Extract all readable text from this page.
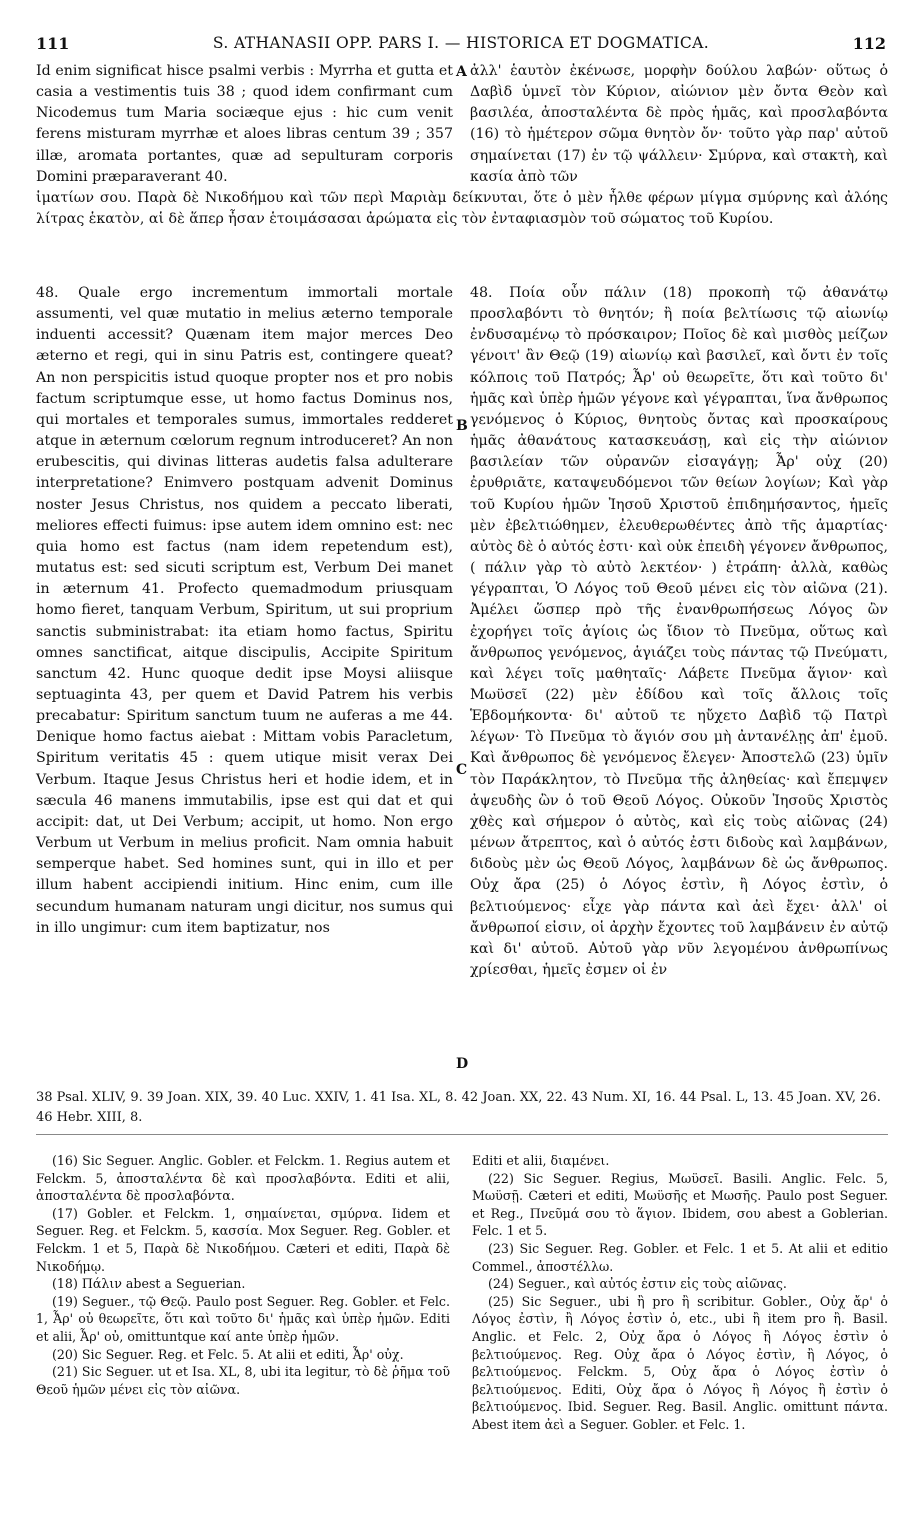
111	S. ATHANASII OPP. PARS I. — HISTORICA ET DOGMATICA.	112
Id enim significat hisce psalmi verbis : Myrrha et gutta et casia a vestimentis tuis 38 ; quod idem confirmant cum Nicodemus tum Maria sociæque ejus : hic cum venit ferens misturam myrrhæ et aloes libras centum 39 ; 357 illæ, aromata portantes, quæ ad sepulturam corporis Domini præparaverant 40.
ἀλλ' ἑαυτὸν ἐκένωσε, μορφὴν δούλου λαβών· οὕτως ὁ Δαβὶδ ὑμνεῖ τὸν Κύριον, αἰώνιον μὲν ὄντα Θεὸν καὶ βασιλέα, ἀποσταλέντα δὲ πρὸς ἡμᾶς, καὶ προσλαβόντα (16) τὸ ἡμέτερον σῶμα θνητὸν ὄν· τοῦτο γὰρ παρ' αὐτοῦ σημαίνεται (17) ἐν τῷ ψάλλειν· Σμύρνα, καὶ στακτὴ, καὶ κασία ἀπὸ τῶν
ἱματίων σου. Παρὰ δὲ Νικοδήμου καὶ τῶν περὶ Μαριὰμ δείκνυται, ὅτε ὁ μὲν ἦλθε φέρων μίγμα σμύρνης καὶ ἀλόης λίτρας ἑκατὸν, αἱ δὲ ἅπερ ἦσαν ἑτοιμάσασαι ἀρώματα εἰς τὸν ἐνταφιασμὸν τοῦ σώματος τοῦ Κυρίου.
48. Quale ergo incrementum immortali mortale assumenti, vel quæ mutatio in melius æterno temporale induenti accessit? Quænam item major merces Deo æterno et regi, qui in sinu Patris est, contingere queat? An non perspicitis istud quoque propter nos et pro nobis factum scriptumque esse, ut homo factus Dominus nos, qui mortales et temporales sumus, immortales redderet atque in æternum cœlorum regnum introduceret? An non erubescitis, qui divinas litteras audetis falsa adulterare interpretatione? Enimvero postquam advenit Dominus noster Jesus Christus, nos quidem a peccato liberati, meliores effecti fuimus: ipse autem idem omnino est: nec quia homo est factus (nam idem repetendum est), mutatus est: sed sicuti scriptum est, Verbum Dei manet in æternum 41. Profecto quemadmodum priusquam homo fieret, tanquam Verbum, Spiritum, ut sui proprium sanctis subministrabat: ita etiam homo factus, Spiritu omnes sanctificat, aitque discipulis, Accipite Spiritum sanctum 42. Hunc quoque dedit ipse Moysi aliisque septuaginta 43, per quem et David Patrem his verbis precabatur: Spiritum sanctum tuum ne auferas a me 44. Denique homo factus aiebat : Mittam vobis Paracletum, Spiritum veritatis 45 : quem utique misit verax Dei Verbum. Itaque Jesus Christus heri et hodie idem, et in sæcula 46 manens immutabilis, ipse est qui dat et qui accipit: dat, ut Dei Verbum; accipit, ut homo. Non ergo Verbum ut Verbum in melius proficit. Nam omnia habuit semperque habet. Sed homines sunt, qui in illo et per illum habent accipiendi initium. Hinc enim, cum ille secundum humanam naturam ungi dicitur, nos sumus qui in illo ungimur: cum item baptizatur, nos
48. Ποία οὖν πάλιν (18) προκοπὴ τῷ ἀθανάτῳ προσλαβόντι τὸ θνητόν; ἢ ποία βελτίωσις τῷ αἰωνίῳ ἐνδυσαμένῳ τὸ πρόσκαιρον; Ποῖος δὲ καὶ μισθὸς μείζων γένοιτ' ἂν Θεῷ (19) αἰωνίῳ καὶ βασιλεῖ, καὶ ὄντι ἐν τοῖς κόλποις τοῦ Πατρός; Ἆρ' οὐ θεωρεῖτε, ὅτι καὶ τοῦτο δι' ἡμᾶς καὶ ὑπὲρ ἡμῶν γέγονε καὶ γέγραπται, ἵνα ἄνθρωπος γενόμενος ὁ Κύριος, θνητοὺς ὄντας καὶ προσκαίρους ἡμᾶς ἀθανάτους κατασκευάσῃ, καὶ εἰς τὴν αἰώνιον βασιλείαν τῶν οὐρανῶν εἰσαγάγῃ; Ἆρ' οὐχ (20) ἐρυθριᾶτε, καταψευδόμενοι τῶν θείων λογίων; Καὶ γὰρ τοῦ Κυρίου ἡμῶν Ἰησοῦ Χριστοῦ ἐπιδημήσαντος, ἡμεῖς μὲν ἐβελτιώθημεν, ἐλευθερωθέντες ἀπὸ τῆς ἁμαρτίας· αὐτὸς δὲ ὁ αὐτός ἐστι· καὶ οὐκ ἐπειδὴ γέγονεν ἄνθρωπος, ( πάλιν γὰρ τὸ αὐτὸ λεκτέον· ) ἐτράπη· ἀλλὰ, καθὼς γέγραπται, Ὁ Λόγος τοῦ Θεοῦ μένει εἰς τὸν αἰῶνα (21). Ἀμέλει ὥσπερ πρὸ τῆς ἐνανθρωπήσεως Λόγος ὢν ἐχορήγει τοῖς ἁγίοις ὡς ἴδιον τὸ Πνεῦμα, οὕτως καὶ ἄνθρωπος γενόμενος, ἁγιάζει τοὺς πάντας τῷ Πνεύματι, καὶ λέγει τοῖς μαθηταῖς· Λάβετε Πνεῦμα ἅγιον· καὶ Μωϋσεῖ (22) μὲν ἐδίδου καὶ τοῖς ἄλλοις τοῖς Ἑβδομήκοντα· δι' αὐτοῦ τε ηὔχετο Δαβὶδ τῷ Πατρὶ λέγων· Τὸ Πνεῦμα τὸ ἅγιόν σου μὴ ἀντανέλῃς ἀπ' ἐμοῦ. Καὶ ἄνθρωπος δὲ γενόμενος ἔλεγεν· Ἀποστελῶ (23) ὑμῖν τὸν Παράκλητον, τὸ Πνεῦμα τῆς ἀληθείας· καὶ ἔπεμψεν ἀψευδὴς ὢν ὁ τοῦ Θεοῦ Λόγος. Οὐκοῦν Ἰησοῦς Χριστὸς χθὲς καὶ σήμερον ὁ αὐτὸς, καὶ εἰς τοὺς αἰῶνας (24) μένων ἄτρεπτος, καὶ ὁ αὐτός ἐστι διδοὺς καὶ λαμβάνων, διδοὺς μὲν ὡς Θεοῦ Λόγος, λαμβάνων δὲ ὡς ἄνθρωπος. Οὐχ ἄρα (25) ὁ Λόγος ἐστὶν, ἢ Λόγος ἐστὶν, ὁ βελτιούμενος· εἶχε γὰρ πάντα καὶ ἀεὶ ἔχει· ἀλλ' οἱ ἄνθρωποί εἰσιν, οἱ ἀρχὴν ἔχοντες τοῦ λαμβάνειν ἐν αὐτῷ καὶ δι' αὐτοῦ. Αὐτοῦ γὰρ νῦν λεγομένου ἀνθρωπίνως χρίεσθαι, ἡμεῖς ἐσμεν οἱ ἐν
A
B
C
D
38 Psal. XLIV, 9. 39 Joan. XIX, 39. 40 Luc. XXIV, 1. 41 Isa. XL, 8. 42 Joan. XX, 22. 43 Num. XI, 16. 44 Psal. L, 13. 45 Joan. XV, 26. 46 Hebr. XIII, 8.

(16) Sic Seguer. Anglic. Gobler. et Felckm. 1. Regius autem et Felckm. 5, ἀποσταλέντα δὲ καὶ προσλαβόντα. Editi et alii, ἀποσταλέντα δὲ προσλαβόντα.

(17) Gobler. et Felckm. 1, σημαίνεται, σμύρνα. Iidem et Seguer. Reg. et Felckm. 5, κασσία. Mox Seguer. Reg. Gobler. et Felckm. 1 et 5, Παρὰ δὲ Νικοδήμου. Cæteri et editi, Παρὰ δὲ Νικοδήμῳ.

(18) Πάλιν abest a Seguerian.

(19) Seguer., τῷ Θεῷ. Paulo post Seguer. Reg. Gobler. et Felc. 1, Ἆρ' οὐ θεωρεῖτε, ὅτι καὶ τοῦτο δι' ἡμᾶς καὶ ὑπὲρ ἡμῶν. Editi et alii, Ἆρ' οὐ, omittuntque καί ante ὑπὲρ ἡμῶν.

(20) Sic Seguer. Reg. et Felc. 5. At alii et editi, Ἆρ' οὐχ.

(21) Sic Seguer. ut et Isa. XL, 8, ubi ita legitur, τὸ δὲ ῥῆμα τοῦ Θεοῦ ἡμῶν μένει εἰς τὸν αἰῶνα.

Editi et alii, διαμένει.

(22) Sic Seguer. Regius, Μωϋσεῖ. Basili. Anglic. Felc. 5, Μωϋσῇ. Cæteri et editi, Μωϋσῆς et Μωσῆς. Paulo post Seguer. et Reg., Πνεῦμά σου τὸ ἅγιον. Ibidem, σου abest a Goblerian. Felc. 1 et 5.

(23) Sic Seguer. Reg. Gobler. et Felc. 1 et 5. At alii et editio Commel., ἀποστέλλω.

(24) Seguer., καὶ αὐτός ἐστιν εἰς τοὺς αἰῶνας.

(25) Sic Seguer., ubi ἢ pro ἢ scribitur. Gobler., Οὐχ ἄρ' ὁ Λόγος ἐστὶν, ἢ Λόγος ἐστὶν ὁ, etc., ubi ἢ item pro ἢ. Basil. Anglic. et Felc. 2, Οὐχ ἄρα ὁ Λόγος ἢ Λόγος ἐστὶν ὁ βελτιούμενος. Reg. Οὐχ ἄρα ὁ Λόγος ἐστὶν, ἢ Λόγος, ὁ βελτιούμενος. Felckm. 5, Οὐχ ἄρα ὁ Λόγος ἐστὶν ὁ βελτιούμενος. Editi, Οὐχ ἄρα ὁ Λόγος ἢ Λόγος ἢ ἐστὶν ὁ βελτιούμενος. Ibid. Seguer. Reg. Basil. Anglic. omittunt πάντα. Abest item ἀεὶ a Seguer. Gobler. et Felc. 1.
